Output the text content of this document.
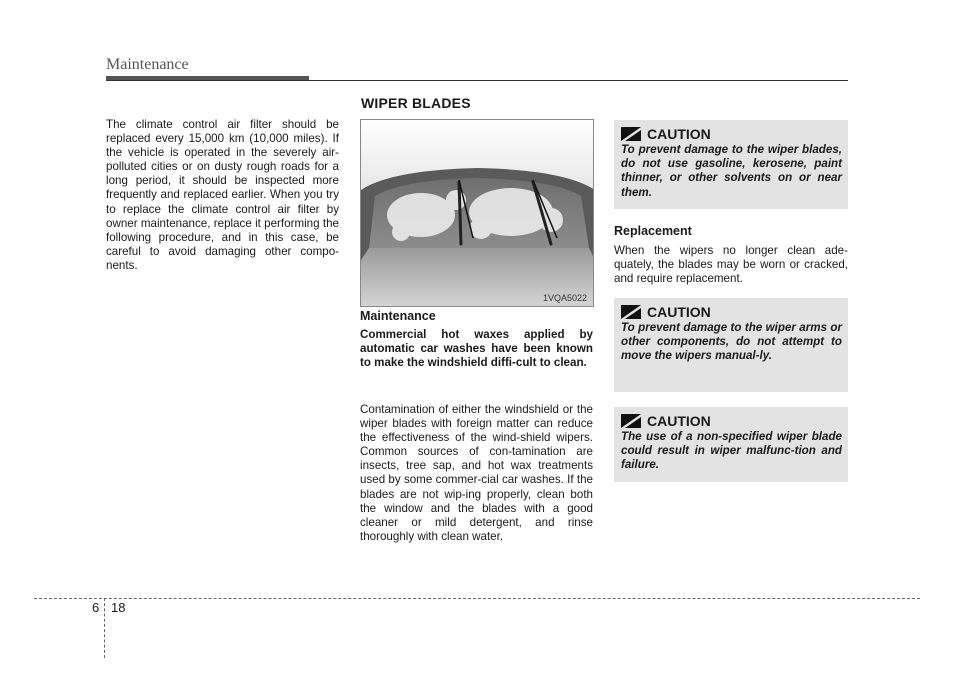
Maintenance
The climate control air filter should be replaced every 15,000 km (10,000 miles). If the vehicle is operated in the severely air-polluted cities or on dusty rough roads for a long period, it should be inspected more frequently and replaced earlier. When you try to replace the climate control air filter by owner maintenance, replace it performing the following procedure, and in this case, be careful to avoid damaging other compo-nents.
WIPER BLADES
1VQA5022
Maintenance
Commercial hot waxes applied by automatic car washes have been known to make the windshield diffi-cult to clean.
Contamination of either the windshield or the wiper blades with foreign matter can reduce the effectiveness of the wind-shield wipers. Common sources of con-tamination are insects, tree sap, and hot wax treatments used by some commer-cial car washes. If the blades are not wip-ing properly, clean both the window and the blades with a good cleaner or mild detergent, and rinse thoroughly with clean water.
CAUTION
To prevent damage to the wiper blades, do not use gasoline, kerosene, paint thinner, or other solvents on or near them.
Replacement
When the wipers no longer clean ade-quately, the blades may be worn or cracked, and require replacement.
CAUTION
To prevent damage to the wiper arms or other components, do not attempt to move the wipers manual-ly.
CAUTION
The use of a non-specified wiper blade could result in wiper malfunc-tion and failure.
6 18
